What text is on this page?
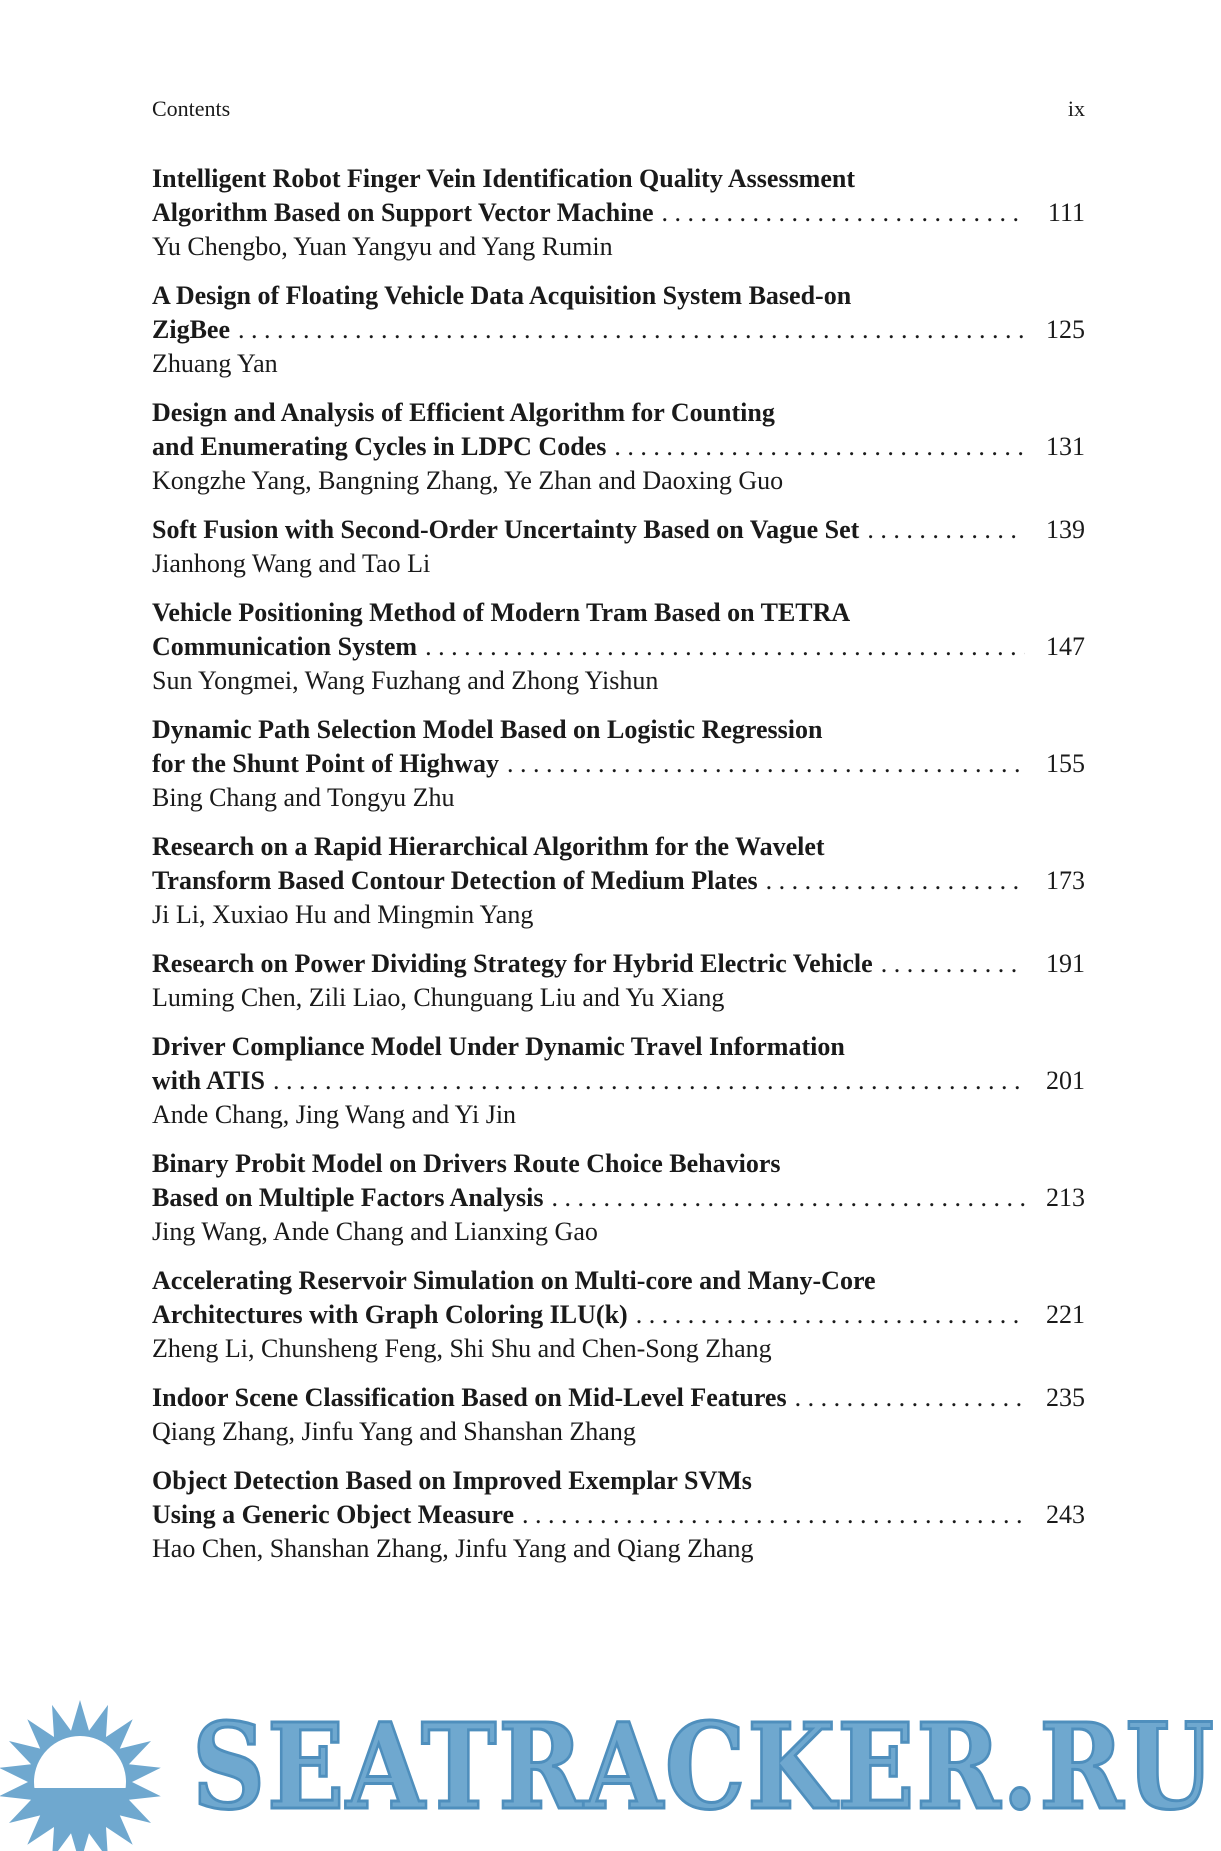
Contents	ix
Intelligent Robot Finger Vein Identification Quality Assessment
Algorithm Based on Support Vector Machine . . .	111
Yu Chengbo, Yuan Yangyu and Yang Rumin
A Design of Floating Vehicle Data Acquisition System Based-on
ZigBee . . .	125
Zhuang Yan
Design and Analysis of Efficient Algorithm for Counting
and Enumerating Cycles in LDPC Codes . . .	131
Kongzhe Yang, Bangning Zhang, Ye Zhan and Daoxing Guo
Soft Fusion with Second-Order Uncertainty Based on Vague Set . . .	139
Jianhong Wang and Tao Li
Vehicle Positioning Method of Modern Tram Based on TETRA
Communication System . . .	147
Sun Yongmei, Wang Fuzhang and Zhong Yishun
Dynamic Path Selection Model Based on Logistic Regression
for the Shunt Point of Highway . . .	155
Bing Chang and Tongyu Zhu
Research on a Rapid Hierarchical Algorithm for the Wavelet
Transform Based Contour Detection of Medium Plates . . .	173
Ji Li, Xuxiao Hu and Mingmin Yang
Research on Power Dividing Strategy for Hybrid Electric Vehicle . . .	191
Luming Chen, Zili Liao, Chunguang Liu and Yu Xiang
Driver Compliance Model Under Dynamic Travel Information
with ATIS . . .	201
Ande Chang, Jing Wang and Yi Jin
Binary Probit Model on Drivers Route Choice Behaviors
Based on Multiple Factors Analysis . . .	213
Jing Wang, Ande Chang and Lianxing Gao
Accelerating Reservoir Simulation on Multi-core and Many-Core
Architectures with Graph Coloring ILU(k) . . .	221
Zheng Li, Chunsheng Feng, Shi Shu and Chen-Song Zhang
Indoor Scene Classification Based on Mid-Level Features . . .	235
Qiang Zhang, Jinfu Yang and Shanshan Zhang
Object Detection Based on Improved Exemplar SVMs
Using a Generic Object Measure . . .	243
Hao Chen, Shanshan Zhang, Jinfu Yang and Qiang Zhang
SEATRACKER.RU
